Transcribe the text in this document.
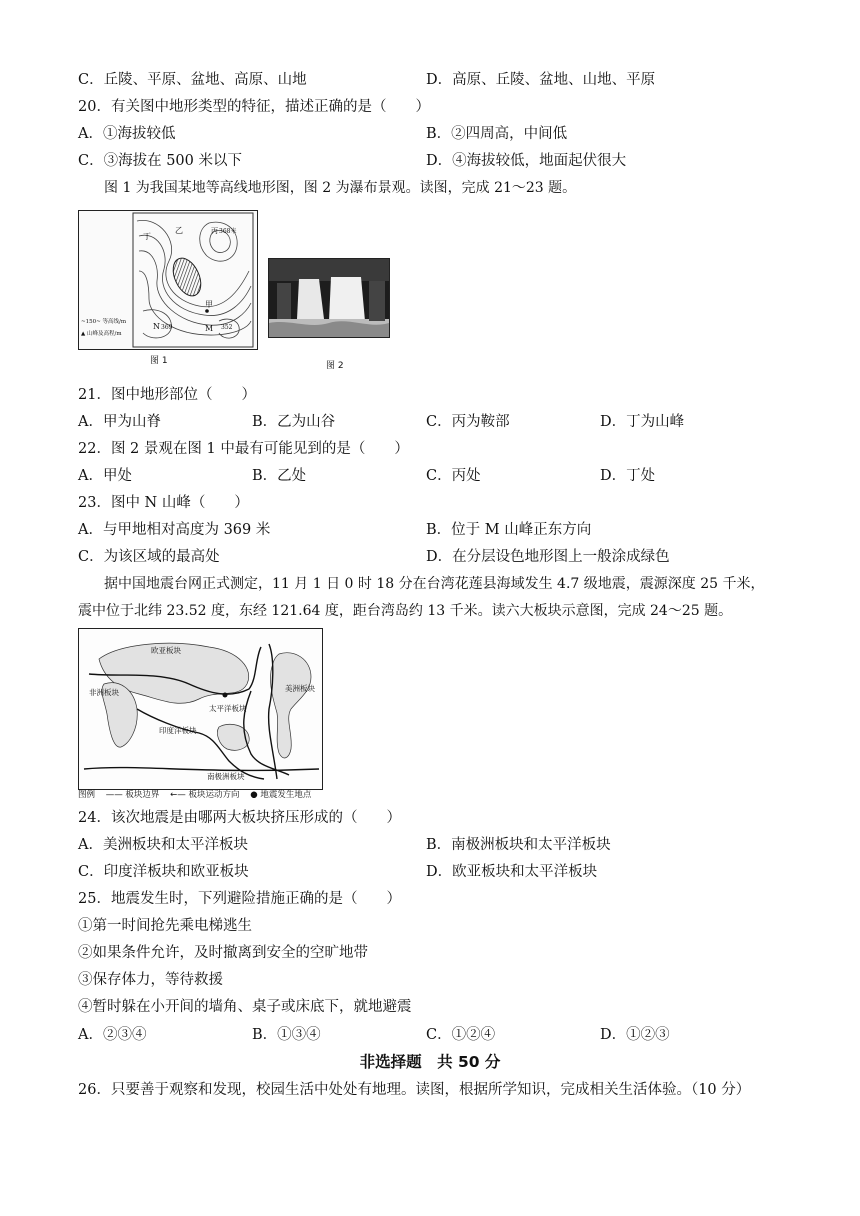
C．丘陵、平原、盆地、高原、山地	D．高原、丘陵、盆地、山地、平原
20．有关图中地形类型的特征，描述正确的是（　　）
A．①海拔较低	B．②四周高，中间低
C．③海拔在 500 米以下	D．④海拔较低，地面起伏很大
图 1 为我国某地等高线地形图，图 2 为瀑布景观。读图，完成 21～23 题。
甲
乙	丙 368米
丁
N 369	M 352
~150~ 等高线/m
▲ 山峰及高程/m
图 1	图 2
21．图中地形部位（　　）
A．甲为山脊	B．乙为山谷	C．丙为鞍部	D．丁为山峰
22．图 2 景观在图 1 中最有可能见到的是（　　）
A．甲处	B．乙处	C．丙处	D．丁处
23．图中 N 山峰（　　）
A．与甲地相对高度为 369 米	B．位于 M 山峰正东方向
C．为该区域的最高处	D．在分层设色地形图上一般涂成绿色
据中国地震台网正式测定，11 月 1 日 0 时 18 分在台湾花莲县海域发生 4.7 级地震，震源深度 25 千米，
震中位于北纬 23.52 度，东经 121.64 度，距台湾岛约 13 千米。读六大板块示意图，完成 24～25 题。
欧亚板块
太平洋板块
印度洋板块
南极洲板块
非洲板块	美洲板块
图例 —— 板块边界 ←— 板块运动方向 ● 地震发生地点
24．该次地震是由哪两大板块挤压形成的（　　）
A．美洲板块和太平洋板块	B．南极洲板块和太平洋板块
C．印度洋板块和欧亚板块	D．欧亚板块和太平洋板块
25．地震发生时，下列避险措施正确的是（　　）
①第一时间抢先乘电梯逃生
②如果条件允许，及时撤离到安全的空旷地带
③保存体力，等待救援
④暂时躲在小开间的墙角、桌子或床底下，就地避震
A．②③④	B．①③④	C．①②④	D．①②③
非选择题　共 50 分
26．只要善于观察和发现，校园生活中处处有地理。读图，根据所学知识，完成相关生活体验。（10 分）
